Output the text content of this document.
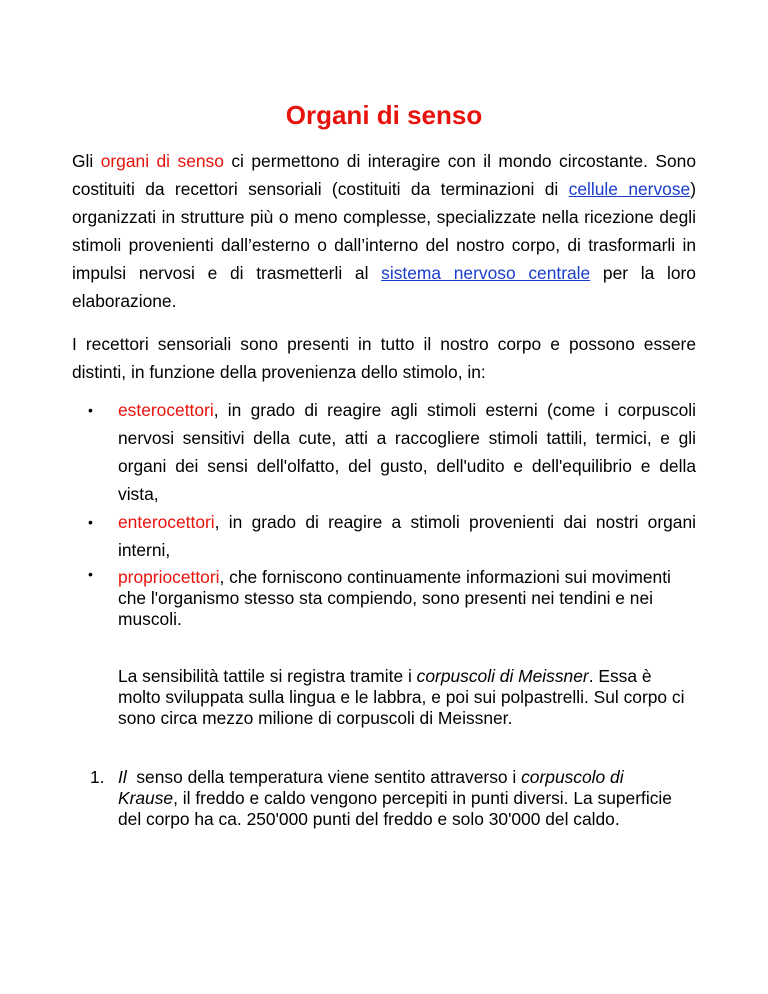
Organi di senso

Gli organi di senso ci permettono di interagire con il mondo circostante. Sono costituiti da recettori sensoriali (costituiti da terminazioni di cellule nervose) organizzati in strutture più o meno complesse, specializzate nella ricezione degli stimoli provenienti dall’esterno o dall’interno del nostro corpo, di trasformarli in impulsi nervosi e di trasmetterli al sistema nervoso centrale per la loro elaborazione.

I recettori sensoriali sono presenti in tutto il nostro corpo e possono essere distinti, in funzione della provenienza dello stimolo, in:

• esterocettori, in grado di reagire agli stimoli esterni (come i corpuscoli nervosi sensitivi della cute, atti a raccogliere stimoli tattili, termici, e gli organi dei sensi dell'olfatto, del gusto, dell'udito e dell'equilibrio e della vista,
• enterocettori, in grado di reagire a stimoli provenienti dai nostri organi interni,
• propriocettori, che forniscono continuamente informazioni sui movimenti che l'organismo stesso sta compiendo, sono presenti nei tendini e nei muscoli.

La sensibilità tattile si registra tramite i corpuscoli di Meissner. Essa è molto sviluppata sulla lingua e le labbra, e poi sui polpastrelli. Sul corpo ci sono circa mezzo milione di corpuscoli di Meissner.

1. Il  senso della temperatura viene sentito attraverso i corpuscolo di Krause, il freddo e caldo vengono percepiti in punti diversi. La superficie del corpo ha ca. 250'000 punti del freddo e solo 30'000 del caldo.
